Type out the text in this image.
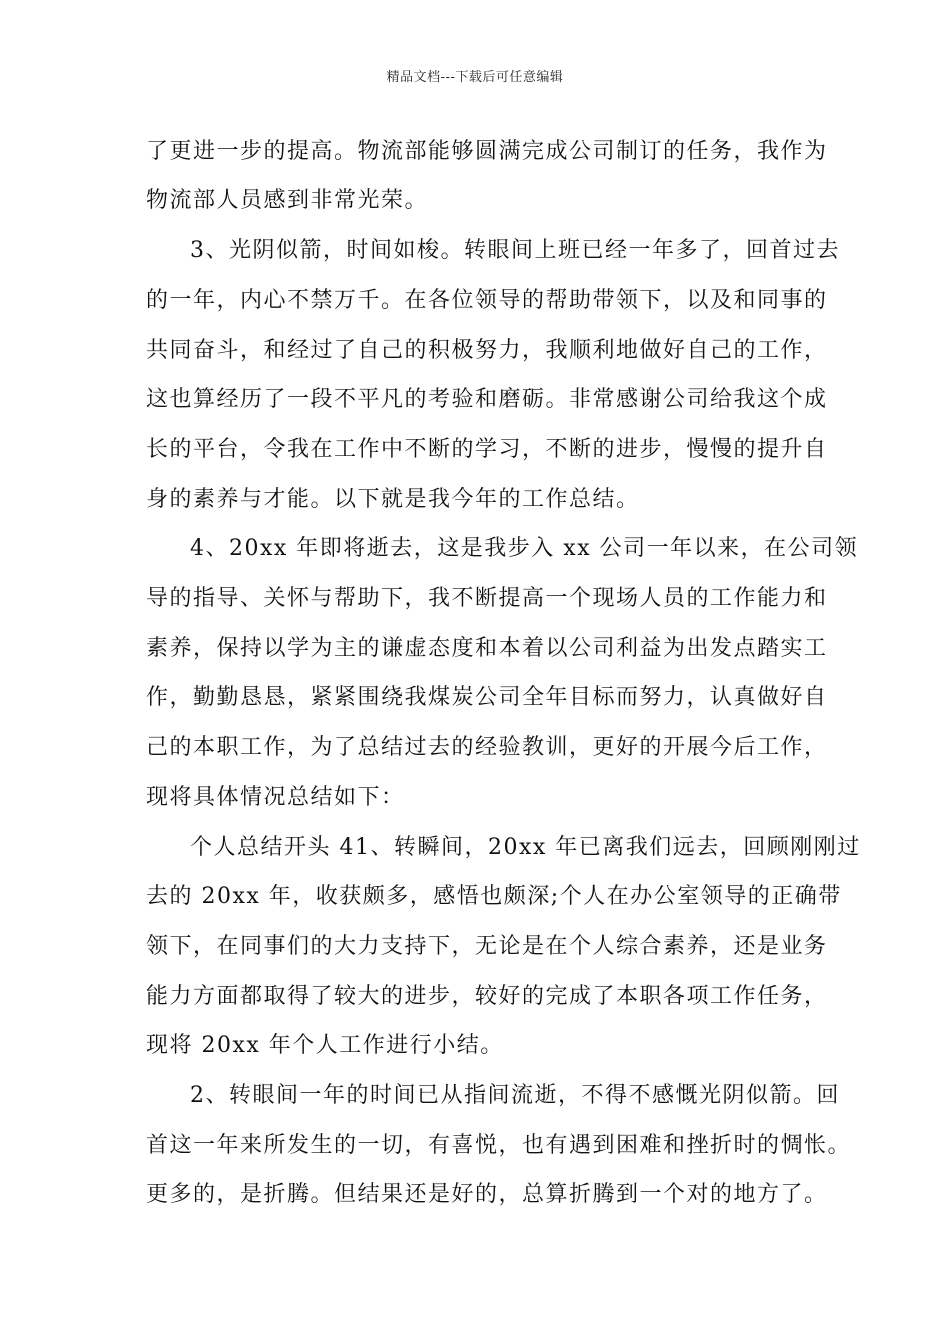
精品文档---下载后可任意编辑
了更进一步的提高。物流部能够圆满完成公司制订的任务，我作为
物流部人员感到非常光荣。
3、光阴似箭，时间如梭。转眼间上班已经一年多了，回首过去
的一年，内心不禁万千。在各位领导的帮助带领下，以及和同事的
共同奋斗，和经过了自己的积极努力，我顺利地做好自己的工作，
这也算经历了一段不平凡的考验和磨砺。非常感谢公司给我这个成
长的平台，令我在工作中不断的学习，不断的进步，慢慢的提升自
身的素养与才能。以下就是我今年的工作总结。
4、20xx 年即将逝去，这是我步入 xx 公司一年以来，在公司领
导的指导、关怀与帮助下，我不断提高一个现场人员的工作能力和
素养，保持以学为主的谦虚态度和本着以公司利益为出发点踏实工
作，勤勤恳恳，紧紧围绕我煤炭公司全年目标而努力，认真做好自
己的本职工作，为了总结过去的经验教训，更好的开展今后工作，
现将具体情况总结如下：
个人总结开头 41、转瞬间，20xx 年已离我们远去，回顾刚刚过
去的 20xx 年，收获颇多，感悟也颇深;个人在办公室领导的正确带
领下，在同事们的大力支持下，无论是在个人综合素养，还是业务
能力方面都取得了较大的进步，较好的完成了本职各项工作任务，
现将 20xx 年个人工作进行小结。
2、转眼间一年的时间已从指间流逝，不得不感慨光阴似箭。回
首这一年来所发生的一切，有喜悦，也有遇到困难和挫折时的惆怅。
更多的，是折腾。但结果还是好的，总算折腾到一个对的地方了。
